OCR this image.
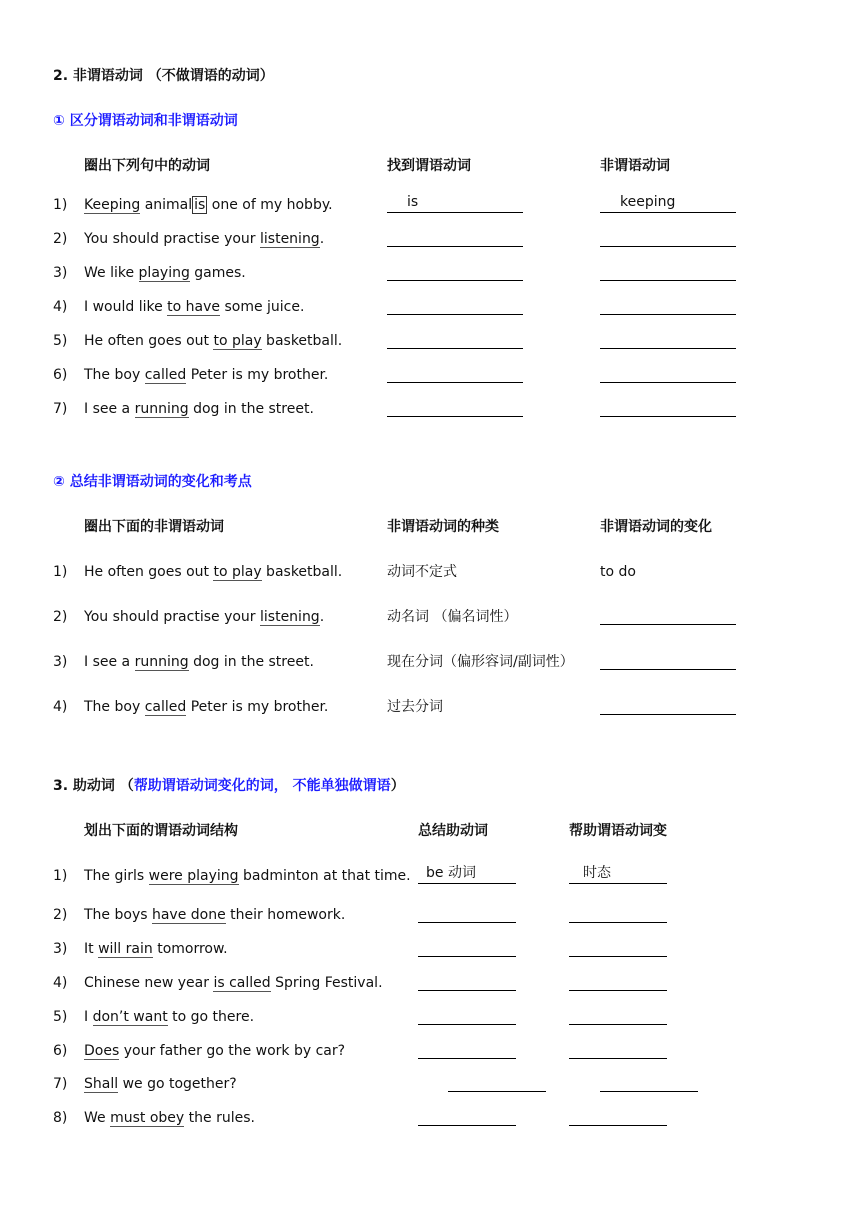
2. 非谓语动词 （不做谓语的动词）
① 区分谓语动词和非谓语动词
圈出下列句中的动词	找到谓语动词	非谓语动词
1) Keeping animal is one of my hobby.	is	keeping
2) You should practise your listening.
3) We like playing games.
4) I would like to have some juice.
5) He often goes out to play basketball.
6) The boy called Peter is my brother.
7) I see a running dog in the street.
② 总结非谓语动词的变化和考点
圈出下面的非谓语动词	非谓语动词的种类	非谓语动词的变化
1) He often goes out to play basketball.	动词不定式	to do
2) You should practise your listening.	动名词 （偏名词性）
3) I see a running dog in the street.	现在分词（偏形容词/副词性）
4) The boy called Peter is my brother.	过去分词
3. 助动词 （帮助谓语动词变化的词， 不能单独做谓语）
划出下面的谓语动词结构	总结助动词	帮助谓语动词变
1) The girls were playing badminton at that time.	be 动词	时态
2) The boys have done their homework.
3) It will rain tomorrow.
4) Chinese new year is called Spring Festival.
5) I don’t want to go there.
6) Does your father go the work by car?
7) Shall we go together?
8) We must obey the rules.
